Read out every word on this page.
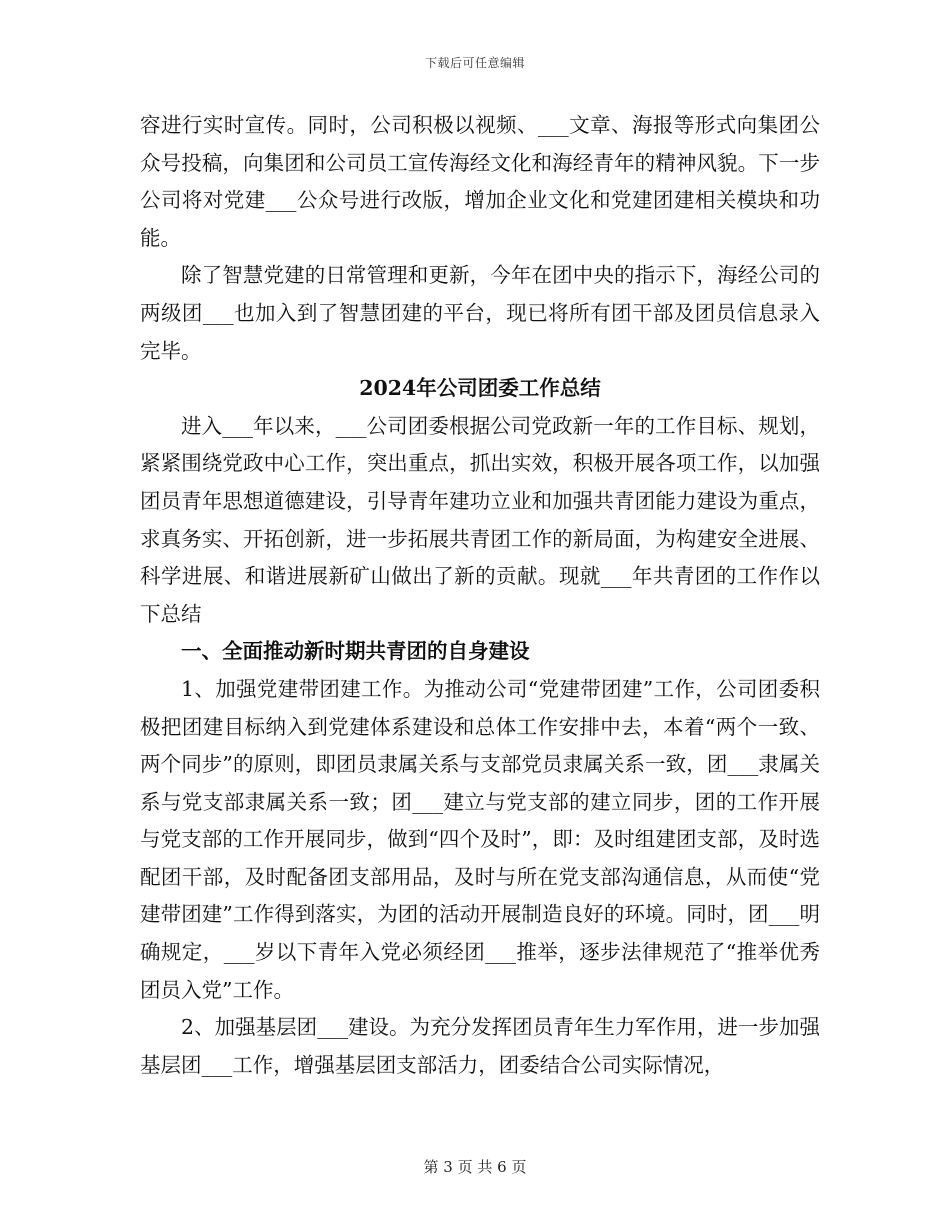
下载后可任意编辑

容进行实时宣传。同时，公司积极以视频、___文章、海报等形式向集团公众号投稿，向集团和公司员工宣传海经文化和海经青年的精神风貌。下一步公司将对党建___公众号进行改版，增加企业文化和党建团建相关模块和功能。

除了智慧党建的日常管理和更新，今年在团中央的指示下，海经公司的两级团___也加入到了智慧团建的平台，现已将所有团干部及团员信息录入完毕。

2024年公司团委工作总结

进入___年以来，___公司团委根据公司党政新一年的工作目标、规划，紧紧围绕党政中心工作，突出重点，抓出实效，积极开展各项工作，以加强团员青年思想道德建设，引导青年建功立业和加强共青团能力建设为重点，求真务实、开拓创新，进一步拓展共青团工作的新局面，为构建安全进展、科学进展、和谐进展新矿山做出了新的贡献。现就___年共青团的工作作以下总结

一、全面推动新时期共青团的自身建设

1、加强党建带团建工作。为推动公司“党建带团建”工作，公司团委积极把团建目标纳入到党建体系建设和总体工作安排中去，本着“两个一致、两个同步”的原则，即团员隶属关系与支部党员隶属关系一致，团___隶属关系与党支部隶属关系一致；团___建立与党支部的建立同步，团的工作开展与党支部的工作开展同步，做到“四个及时”，即：及时组建团支部，及时选配团干部，及时配备团支部用品，及时与所在党支部沟通信息，从而使“党建带团建”工作得到落实，为团的活动开展制造良好的环境。同时，团___明确规定，___岁以下青年入党必须经团___推举，逐步法律规范了“推举优秀团员入党”工作。

2、加强基层团___建设。为充分发挥团员青年生力军作用，进一步加强基层团___工作，增强基层团支部活力，团委结合公司实际情况，

第 3 页 共 6 页
